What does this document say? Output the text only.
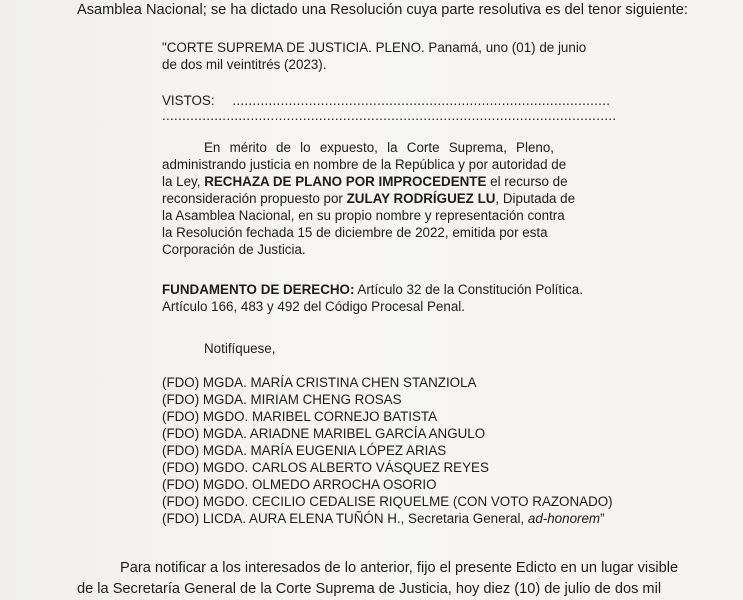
Asamblea Nacional; se ha dictado una Resolución cuya parte resolutiva es del tenor siguiente:
"CORTE SUPREMA DE JUSTICIA. PLENO. Panamá, uno (01) de junio
de dos mil veintitrés (2023).
VISTOS: ..............................................................................................
.................................................................................................................
En mérito de lo expuesto, la Corte Suprema, Pleno,
administrando justicia en nombre de la República y por autoridad de
la Ley, RECHAZA DE PLANO POR IMPROCEDENTE el recurso de
reconsideración propuesto por ZULAY RODRÍGUEZ LU, Diputada de
la Asamblea Nacional, en su propio nombre y representación contra
la Resolución fechada 15 de diciembre de 2022, emitida por esta
Corporación de Justicia.
FUNDAMENTO DE DERECHO: Artículo 32 de la Constitución Política.
Artículo 166, 483 y 492 del Código Procesal Penal.
Notifíquese,
(FDO) MGDA. MARÍA CRISTINA CHEN STANZIOLA
(FDO) MGDA. MIRIAM CHENG ROSAS
(FDO) MGDO. MARIBEL CORNEJO BATISTA
(FDO) MGDA. ARIADNE MARIBEL GARCÍA ANGULO
(FDO) MGDA. MARÍA EUGENIA LÓPEZ ARIAS
(FDO) MGDO. CARLOS ALBERTO VÁSQUEZ REYES
(FDO) MGDO. OLMEDO ARROCHA OSORIO
(FDO) MGDO. CECILIO CEDALISE RIQUELME (CON VOTO RAZONADO)
(FDO) LICDA. AURA ELENA TUÑÓN H., Secretaria General, ad-honorem”
Para notificar a los interesados de lo anterior, fijo el presente Edicto en un lugar visible
de la Secretaría General de la Corte Suprema de Justicia, hoy diez (10) de julio de dos mil
